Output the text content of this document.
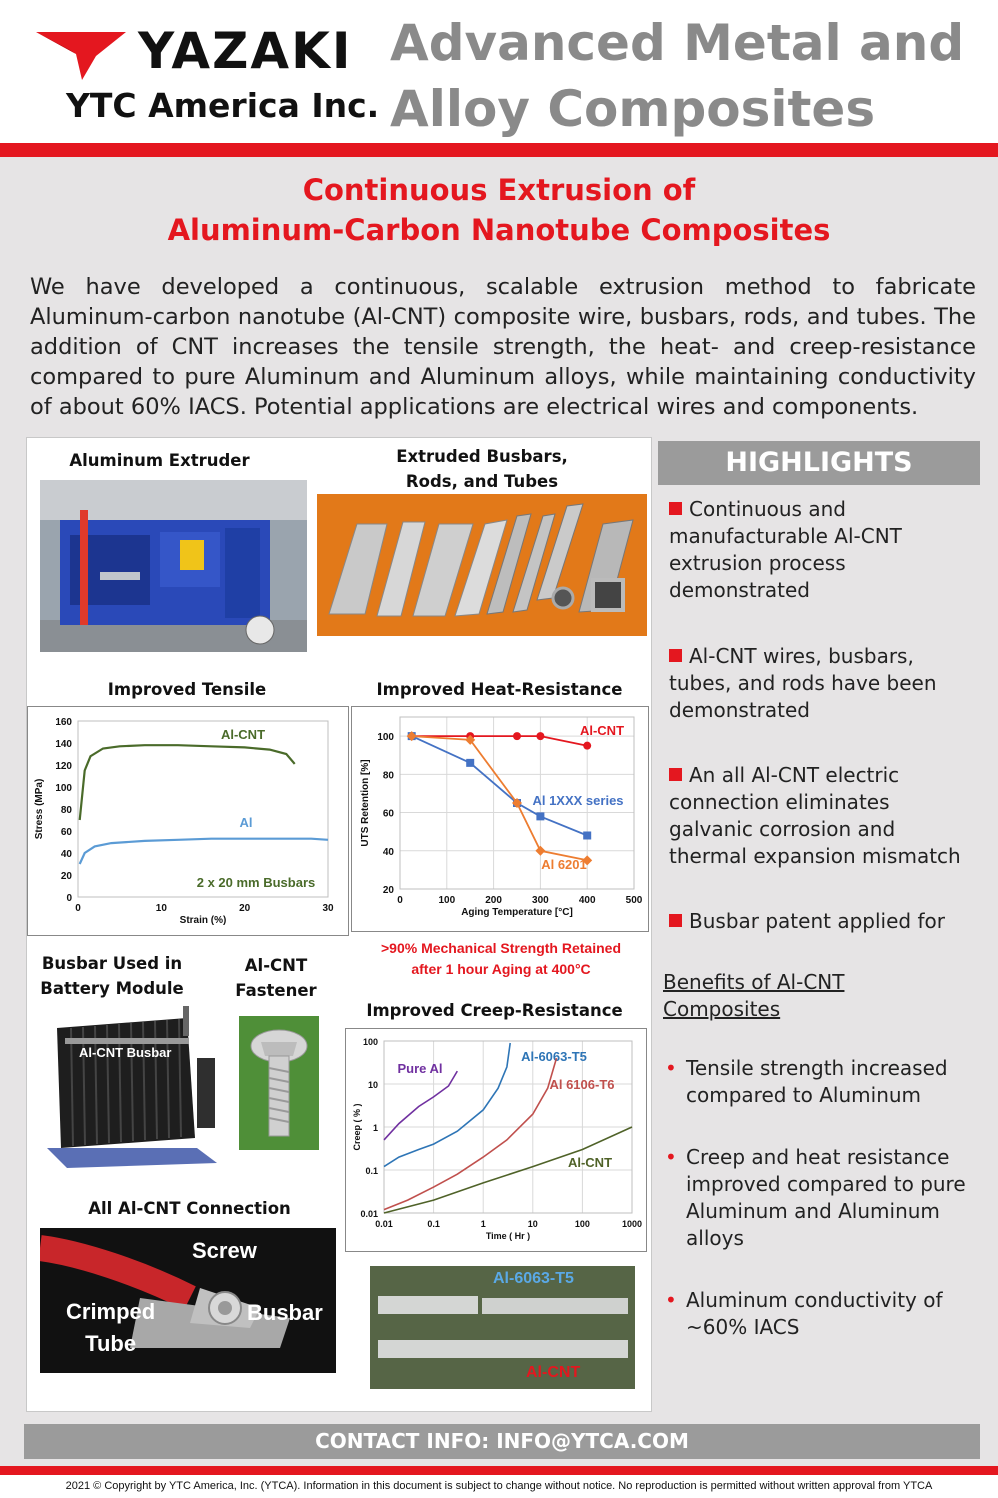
YAZAKI
YTC America Inc.
Advanced Metal and
Alloy Composites
Continuous Extrusion of
Aluminum-Carbon Nanotube Composites
We have developed a continuous, scalable extrusion method to fabricate Aluminum-carbon nanotube (Al-CNT) composite wire, busbars, rods, and tubes. The addition of CNT increases the tensile strength, the heat- and creep-resistance compared to pure Aluminum and Aluminum alloys, while maintaining conductivity of about 60% IACS. Potential applications are electrical wires and components.
Aluminum Extruder	Extruded Busbars,
Rods, and Tubes
Improved Tensile Strength
0
20
40
60
80
100
120
140
160
0	10	20	30
Strain (%)
Stress (MPa)
Al-CNT
Al
2 x 20 mm Busbars
Improved Heat-Resistance
20
40
60
80
100
0	100	200	300	400	500
Aging Temperature [°C]
UTS Retention [%]
Al-CNT
Al 1XXX series
Al 6201
>90% Mechanical Strength Retained
after 1 hour Aging at 400°C
Busbar Used in
Battery Module
Al-CNT Busbar
Al-CNT
Fastener
Improved Creep-Resistance
0.01
0.1
1
10
100
0.01	0.1	1	10	100	1000
Time ( Hr )
Creep ( % )
Pure Al
Al-6063-T5
Al 6106-T6
Al-CNT
All Al-CNT Connection
Screw
Crimped
Tube
Busbar
Al-6063-T5
Al-CNT
HIGHLIGHTS
Continuous and manufacturable Al-CNT extrusion process demonstrated
Al-CNT wires, busbars, tubes, and rods have been demonstrated
An all Al-CNT electric connection eliminates galvanic corrosion and thermal expansion mismatch
Busbar patent applied for
Benefits of Al-CNT
Composites
• Tensile strength increased compared to Aluminum
• Creep and heat resistance improved compared to pure Aluminum and Aluminum alloys
• Aluminum conductivity of ~60% IACS
CONTACT INFO: INFO@YTCA.COM
2021 © Copyright by YTC America, Inc. (YTCA). Information in this document is subject to change without notice. No reproduction is permitted without written approval from YTCA
